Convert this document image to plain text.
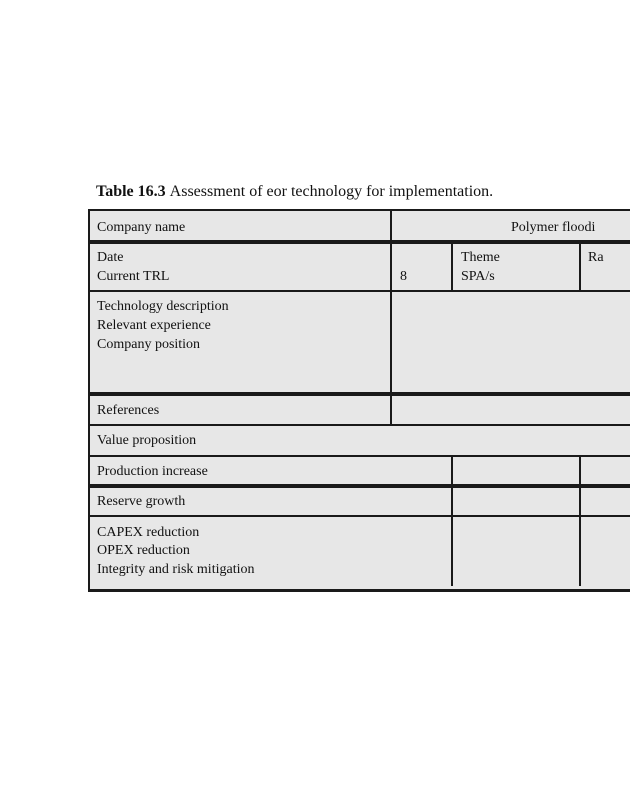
Table 16.3 Assessment of eor technology for implementation.
Company name	Polymer floodi
Date
Current TRL	8
Theme
SPA/s
Ra
Technology description
Relevant experience
Company position
References
Value proposition
Production increase
Reserve growth
CAPEX reduction
OPEX reduction
Integrity and risk mitigation
